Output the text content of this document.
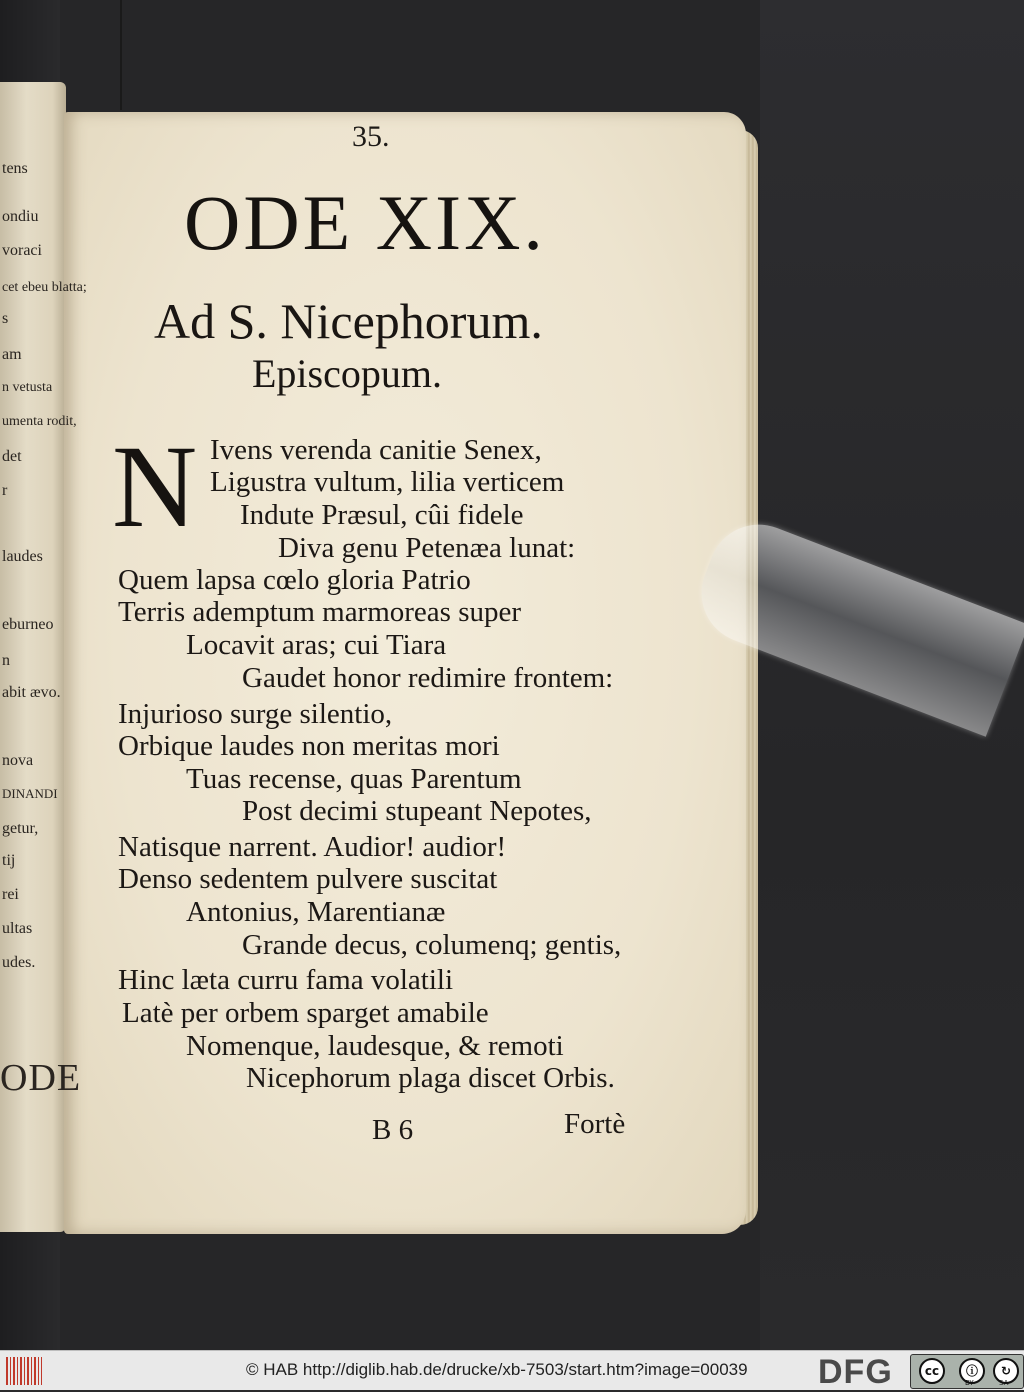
35.
ODE XIX.
Ad S. Nicephorum.
Episcopum.
N Ivens verenda canitie Senex,
Ligustra vultum, lilia verticem
Indute Præsul, cûi fidele
Diva genu Petenæa lunat:
Quem lapsa cœlo gloria Patrio
Terris ademptum marmoreas super
Locavit aras; cui Tiara
Gaudet honor redimire frontem:
Injurioso surge silentio,
Orbique laudes non meritas mori
Tuas recense, quas Parentum
Post decimi stupeant Nepotes,
Natisque narrent. Audior! audior!
Denso sedentem pulvere suscitat
Antonius, Marentianæ
Grande decus, columenq; gentis,
Hinc læta curru fama volatili
Latè per orbem sparget amabile
Nomenque, laudesque, & remoti
Nicephorum plaga discet Orbis.
B 6	Fortè
tens
ondiu
voraci
cet ebeu blatta;
s
am
n vetusta
umenta rodit,
det
r
laudes
eburneo
n
abit ævo.
nova
DINANDI
getur,
tij
rei
ultas
udes.
ODE
© HAB http://diglib.hab.de/drucke/xb-7503/start.htm?image=00039 DFG	cc	ⓘ
BY
↻
SA
